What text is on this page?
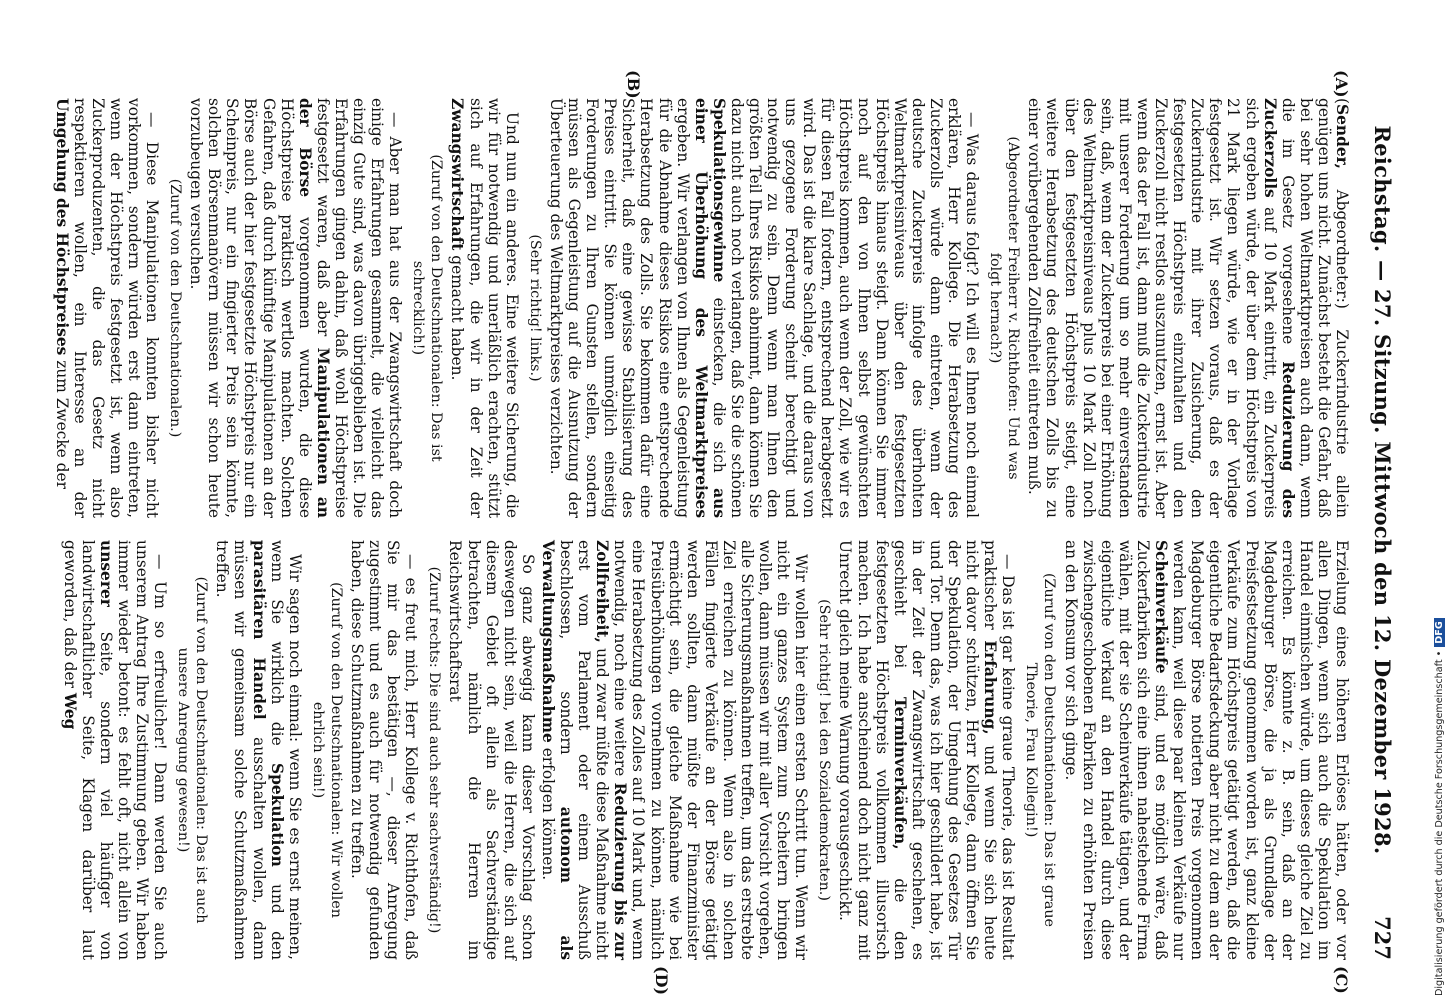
Reichstag. — 27. Sitzung. Mittwoch den 12. Dezember 1928.
727
(A)
(B)
(C)
(D)

(Sender, Abgeordneter:) Zuckerindustrie allein genügen uns nicht. Zunächst besteht die Gefahr, daß bei sehr hohen Weltmarktpreisen auch dann, wenn die im Gesetz vorgesehene Reduzierung des Zuckerzolls auf 10 Mark eintritt, ein Zuckerpreis sich ergeben würde, der über dem Höchstpreis von 21 Mark liegen würde, wie er in der Vorlage festgesetzt ist. Wir setzen voraus, daß es der Zuckerindustrie mit ihrer Zusicherung, den festgesetzten Höchstpreis einzuhalten und den Zuckerzoll nicht restlos auszunutzen, ernst ist. Aber wenn das der Fall ist, dann muß die Zuckerindustrie mit unserer Forderung um so mehr einverstanden sein, daß, wenn der Zuckerpreis bei einer Erhöhung des Weltmarktpreisniveaus plus 10 Mark Zoll noch über den festgesetzten Höchstpreis steigt, eine weitere Herabsetzung des deutschen Zolls bis zu einer vorübergehenden Zollfreiheit eintreten muß.

(Abgeordneter Freiherr v. Richthofen: Und was folgt hernach?)

— Was daraus folgt? Ich will es Ihnen noch einmal erklären, Herr Kollege. Die Herabsetzung des Zuckerzolls würde dann eintreten, wenn der deutsche Zuckerpreis infolge des überhohten Weltmarktpreisniveaus über den festgesetzten Höchstpreis hinaus steigt. Dann können Sie immer noch auf den von Ihnen selbst gewünschten Höchstpreis kommen, auch wenn der Zoll, wie wir es für diesen Fall fordern, entsprechend herabgesetzt wird. Das ist die klare Sachlage, und die daraus von uns gezogene Forderung scheint berechtigt und notwendig zu sein. Denn wenn man Ihnen den größten Teil Ihres Risikos abnimmt, dann können Sie dazu nicht auch noch verlangen, daß Sie die schönen Spekulationsgewinne einstecken, die sich aus einer Überhöhung des Weltmarktpreises ergeben. Wir verlangen von Ihnen als Gegenleistung für die Abnahme dieses Risikos eine entsprechende Herabsetzung des Zolls. Sie bekommen dafür eine Sicherheit, daß eine gewisse Stabilisierung des Preises eintritt. Sie können unmöglich einseitig Forderungen zu Ihren Gunsten stellen, sondern müssen als Gegenleistung auf die Ausnutzung der Überteuerung des Weltmarktpreises verzichten.

(Sehr richtig! links.)

Und nun ein anderes. Eine weitere Sicherung, die wir für notwendig und unerläßlich erachten, stützt sich auf Erfahrungen, die wir in der Zeit der Zwangswirtschaft gemacht haben.

(Zuruf von den Deutschnationalen: Das ist schrecklich!)

— Aber man hat aus der Zwangswirtschaft doch einige Erfahrungen gesammelt, die vielleicht das einzig Gute sind, was davon übriggeblieben ist. Die Erfahrungen gingen dahin, daß wohl Höchstpreise festgesetzt waren, daß aber Manipulationen an der Börse vorgenommen wurden, die diese Höchstpreise praktisch wertlos machten. Solchen Gefahren, daß durch künftige Manipulationen an der Börse auch der hier festgesetzte Höchstpreis nur ein Scheinpreis, nur ein fingierter Preis sein könnte, solchen Börsenmanövern müssen wir schon heute vorzubeugen versuchen.

(Zuruf von den Deutschnationalen.)

— Diese Manipulationen konnten bisher nicht vorkommen, sondern würden erst dann eintreten, wenn der Höchstpreis festgesetzt ist, wenn also Zuckerproduzenten, die das Gesetz nicht respektieren wollen, ein Interesse an der Umgehung des Höchstpreises zum Zwecke der

Erzielung eines höheren Erlöses hätten, oder vor allen Dingen, wenn sich auch die Spekulation im Handel einmischen würde, um dieses gleiche Ziel zu erreichen. Es könnte z. B. sein, daß an der Magdeburger Börse, die ja als Grundlage der Preisfestsetzung genommen worden ist, ganz kleine Verkäufe zum Höchstpreis getätigt werden, daß die eigentliche Bedarfsdeckung aber nicht zu dem an der Magdeburger Börse notierten Preis vorgenommen werden kann, weil diese paar kleinen Verkäufe nur Scheinverkäufe sind, und es möglich wäre, daß Zuckerfabriken sich eine ihnen nahestehende Firma wählen, mit der sie Scheinverkäufe tätigen, und der eigentliche Verkauf an den Handel durch diese zwischengeschobenen Fabriken zu erhöhten Preisen an den Konsum vor sich ginge.

(Zuruf von den Deutschnationalen: Das ist graue Theorie, Frau Kollegin!)

— Das ist gar keine graue Theorie, das ist Resultat praktischer Erfahrung, und wenn Sie sich heute nicht davor schützen, Herr Kollege, dann öffnen Sie der Spekulation, der Umgehung des Gesetzes Tür und Tor. Denn das, was ich hier geschildert habe, ist in der Zeit der Zwangswirtschaft geschehen, es geschieht bei Terminverkäufen, die den festgesetzten Höchstpreis vollkommen illusorisch machen. Ich habe anscheinend doch nicht ganz mit Unrecht gleich meine Warnung vorausgeschickt.

(Sehr richtig! bei den Sozialdemokraten.)

Wir wollen hier einen ersten Schritt tun. Wenn wir nicht ein ganzes System zum Scheitern bringen wollen, dann müssen wir mit aller Vorsicht vorgehen, alle Sicherungsmaßnahmen treffen, um das erstrebte Ziel erreichen zu können. Wenn also in solchen Fällen fingierte Verkäufe an der Börse getätigt werden sollten, dann müßte der Finanzminister ermächtigt sein, die gleiche Maßnahme wie bei Preisüberhöhungen vornehmen zu können, nämlich eine Herabsetzung des Zolles auf 10 Mark und, wenn notwendig, noch eine weitere Reduzierung bis zur Zollfreiheit, und zwar müßte diese Maßnahme nicht erst vom Parlament oder einem Ausschuß beschlossen, sondern autonom als Verwaltungsmaßnahme erfolgen können.

So ganz abwegig kann dieser Vorschlag schon deswegen nicht sein, weil die Herren, die sich auf diesem Gebiet oft allein als Sachverständige betrachten, nämlich die Herren im Reichswirtschaftsrat

(Zuruf rechts: Die sind auch sehr sachverständig!)

— es freut mich, Herr Kollege v. Richthofen, daß Sie mir das bestätigen —, dieser Anregung zugestimmt und es auch für notwendig gefunden haben, diese Schutzmaßnahmen zu treffen.

(Zuruf von den Deutschnationalen: Wir wollen ehrlich sein!)

Wir sagen noch einmal: wenn Sie es ernst meinen, wenn Sie wirklich die Spekulation und den parasitären Handel ausschalten wollen, dann müssen wir gemeinsam solche Schutzmaßnahmen treffen.

(Zuruf von den Deutschnationalen: Das ist auch unsere Anregung gewesen!)

— Um so erfreulicher! Dann werden Sie auch unserem Antrag Ihre Zustimmung geben. Wir haben immer wieder betont: es fehlt oft, nicht allein von unserer Seite, sondern viel häufiger von landwirtschaftlicher Seite, Klagen darüber laut geworden, daß der Weg	Digitalisierung gefördert durch die Deutsche Forschungsgemeinschaft •DFG
